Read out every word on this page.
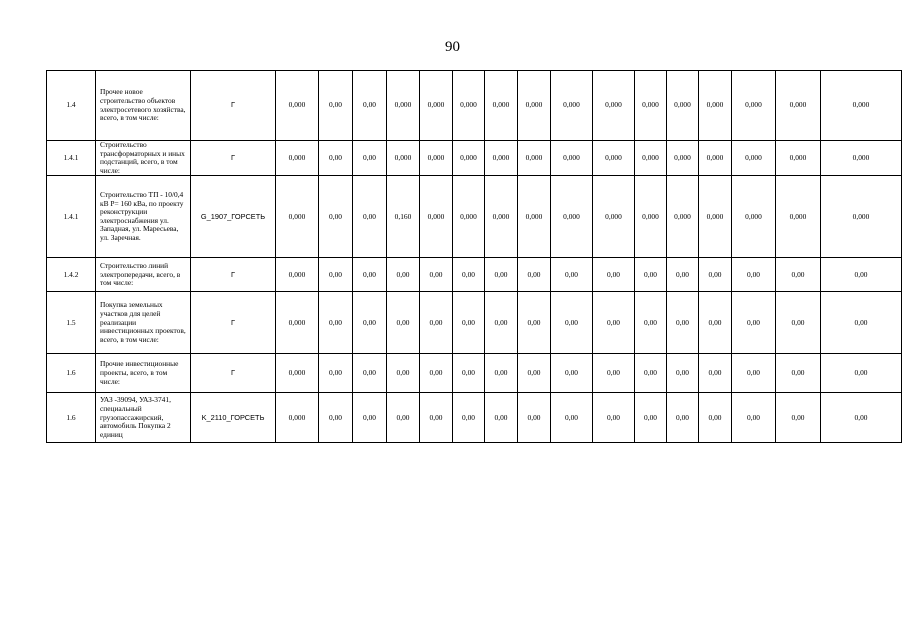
90
1.4	Прочее новое строительство объектов электросетевого хозяйства, всего, в том числе:	Г	0,000	0,00	0,00	0,000	0,000	0,000	0,000	0,000	0,000	0,000	0,000	0,000	0,000	0,000	0,000	0,000
1.4.1	Строительство трансформаторных и иных подстанций, всего, в том числе:	Г	0,000	0,00	0,00	0,000	0,000	0,000	0,000	0,000	0,000	0,000	0,000	0,000	0,000	0,000	0,000	0,000
1.4.1	Строительство ТП - 10/0,4 кВ Р= 160 кВа, по проекту реконструкции электроснабжения ул. Западная, ул. Маресьева, ул. Заречная.	G_1907_ГОРСЕТЬ	0,000	0,00	0,00	0,160	0,000	0,000	0,000	0,000	0,000	0,000	0,000	0,000	0,000	0,000	0,000	0,000
1.4.2	Строительство линий электропередачи, всего, в том числе:	Г	0,000	0,00	0,00	0,00	0,00	0,00	0,00	0,00	0,00	0,00	0,00	0,00	0,00	0,00	0,00	0,00
1.5	Покупка земельных участков для целей реализации инвестиционных проектов, всего, в том числе:	Г	0,000	0,00	0,00	0,00	0,00	0,00	0,00	0,00	0,00	0,00	0,00	0,00	0,00	0,00	0,00	0,00
1.6	Прочие инвестиционные проекты, всего, в том числе:	Г	0,000	0,00	0,00	0,00	0,00	0,00	0,00	0,00	0,00	0,00	0,00	0,00	0,00	0,00	0,00	0,00
1.6	УАЗ -39094, УАЗ-3741, специальный грузопассажирский, автомобиль Покупка 2 единиц	K_2110_ГОРСЕТЬ	0,000	0,00	0,00	0,00	0,00	0,00	0,00	0,00	0,00	0,00	0,00	0,00	0,00	0,00	0,00	0,00
